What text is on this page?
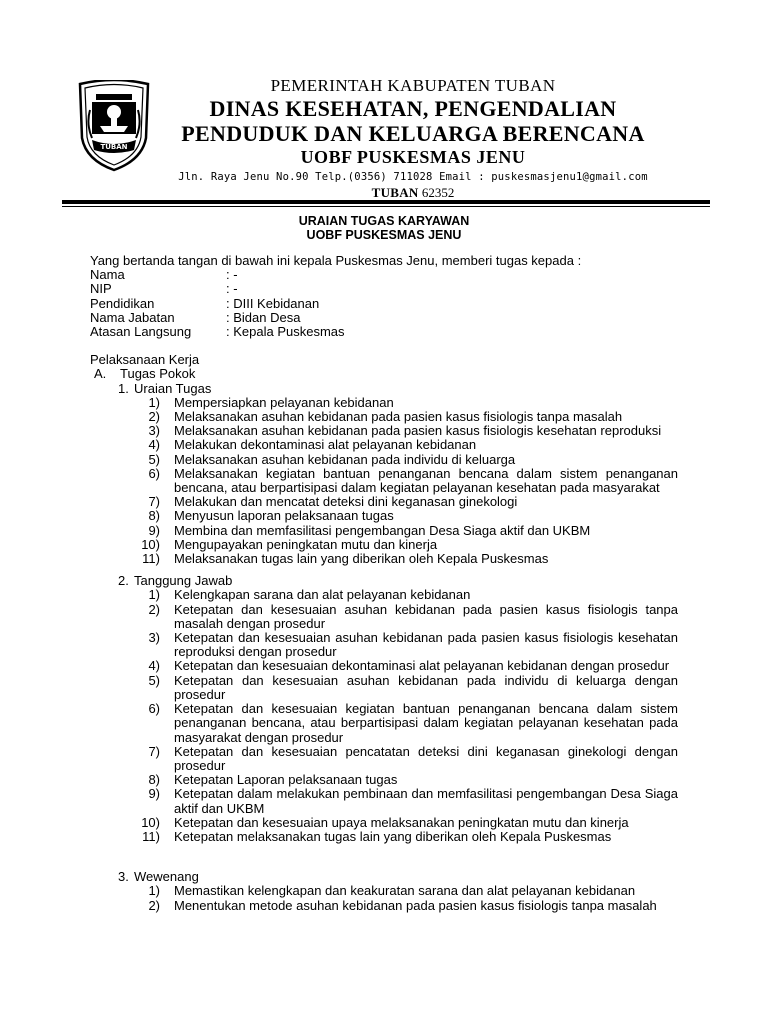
TUBAN
PEMERINTAH KABUPATEN TUBAN
DINAS KESEHATAN, PENGENDALIAN
PENDUDUK DAN KELUARGA BERENCANA
UOBF PUSKESMAS JENU
Jln. Raya Jenu No.90 Telp.(0356) 711028 Email : puskesmasjenu1@gmail.com
TUBAN 62352
URAIAN TUGAS KARYAWAN
UOBF PUSKESMAS JENU
Yang bertanda tangan di bawah ini kepala Puskesmas Jenu, memberi tugas kepada :
Nama	: -
NIP	: -
Pendidikan	: DIII Kebidanan
Nama Jabatan	: Bidan Desa
Atasan Langsung	: Kepala Puskesmas
Pelaksanaan Kerja
A.	Tugas Pokok
1. Uraian Tugas
1)	Mempersiapkan pelayanan kebidanan
2)	Melaksanakan asuhan kebidanan pada pasien kasus fisiologis tanpa masalah
3)	Melaksanakan asuhan kebidanan pada pasien kasus fisiologis kesehatan reproduksi
4)	Melakukan dekontaminasi alat pelayanan kebidanan
5)	Melaksanakan asuhan kebidanan pada individu di keluarga
6)	Melaksanakan kegiatan bantuan penanganan bencana dalam sistem penanganan bencana, atau berpartisipasi dalam kegiatan pelayanan kesehatan pada masyarakat
7)	Melakukan dan mencatat deteksi dini keganasan ginekologi
8)	Menyusun laporan pelaksanaan tugas
9)	Membina dan memfasilitasi pengembangan Desa Siaga aktif dan UKBM
10)	Mengupayakan peningkatan mutu dan kinerja
11)	Melaksanakan tugas lain yang diberikan oleh Kepala Puskesmas
2. Tanggung Jawab
1)	Kelengkapan sarana dan alat pelayanan kebidanan
2)	Ketepatan dan kesesuaian asuhan kebidanan pada pasien kasus fisiologis tanpa masalah dengan prosedur
3)	Ketepatan dan kesesuaian asuhan kebidanan pada pasien kasus fisiologis kesehatan reproduksi dengan prosedur
4)	Ketepatan dan kesesuaian dekontaminasi alat pelayanan kebidanan dengan prosedur
5)	Ketepatan dan kesesuaian asuhan kebidanan pada individu di keluarga dengan prosedur
6)	Ketepatan dan kesesuaian kegiatan bantuan penanganan bencana dalam sistem penanganan bencana, atau berpartisipasi dalam kegiatan pelayanan kesehatan pada masyarakat dengan prosedur
7)	Ketepatan dan kesesuaian pencatatan deteksi dini keganasan ginekologi dengan prosedur
8)	Ketepatan Laporan pelaksanaan tugas
9)	Ketepatan dalam melakukan pembinaan dan memfasilitasi pengembangan Desa Siaga aktif dan UKBM
10)	Ketepatan dan kesesuaian upaya melaksanakan peningkatan mutu dan kinerja
11)	Ketepatan melaksanakan tugas lain yang diberikan oleh Kepala Puskesmas
3. Wewenang
1)	Memastikan kelengkapan dan keakuratan sarana dan alat pelayanan kebidanan
2)	Menentukan metode asuhan kebidanan pada pasien kasus fisiologis tanpa masalah
